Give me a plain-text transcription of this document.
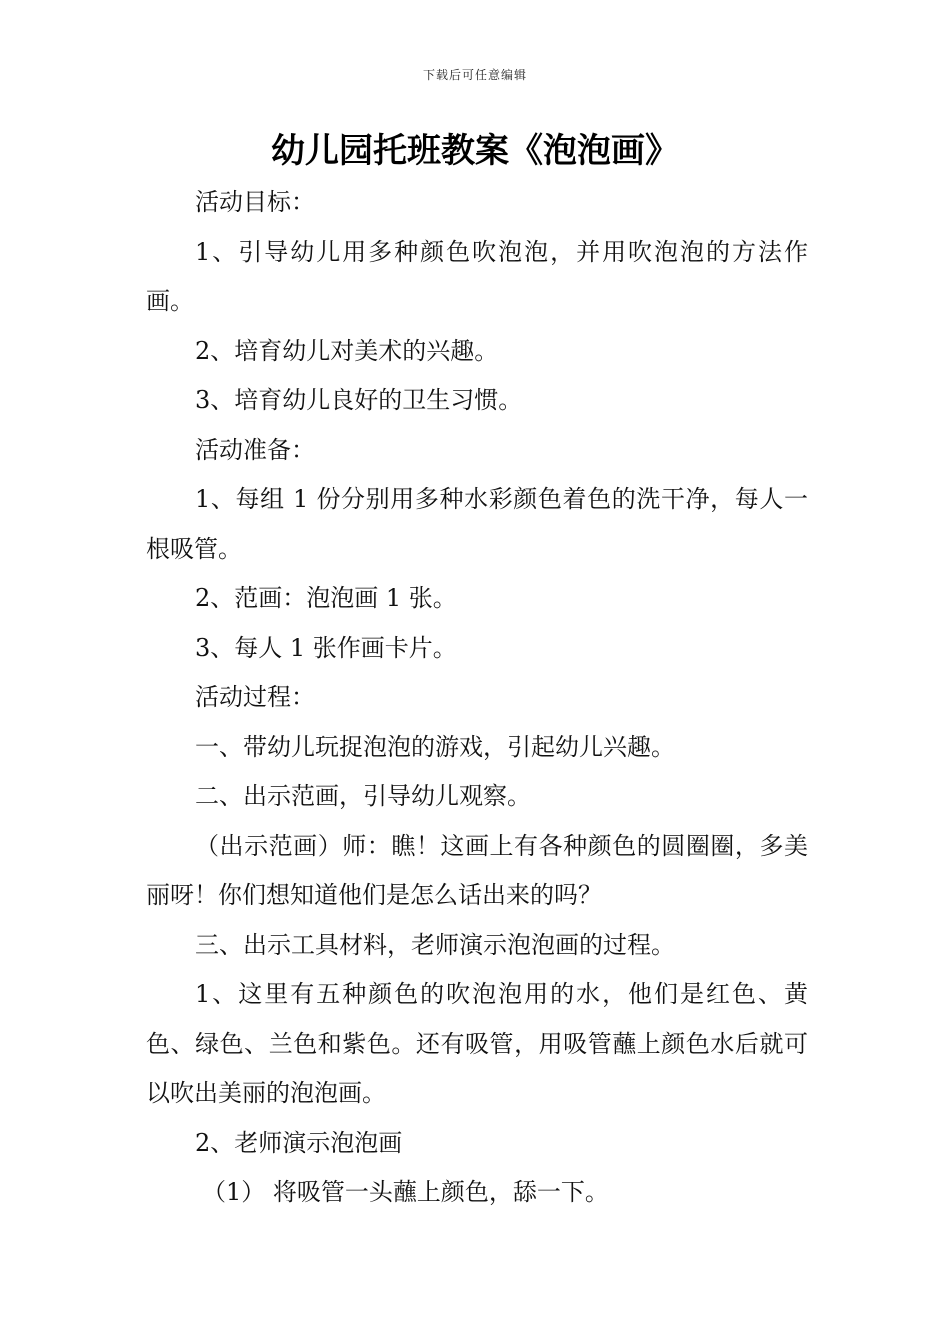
下载后可任意编辑
幼儿园托班教案《泡泡画》

活动目标：

1、引导幼儿用多种颜色吹泡泡，并用吹泡泡的方法作画。

2、培育幼儿对美术的兴趣。

3、培育幼儿良好的卫生习惯。

活动准备：

1、每组 1 份分别用多种水彩颜色着色的洗干净，每人一根吸管。

2、范画：泡泡画 1 张。

3、每人 1 张作画卡片。

活动过程：

一、带幼儿玩捉泡泡的游戏，引起幼儿兴趣。

二、出示范画，引导幼儿观察。

（出示范画）师：瞧！这画上有各种颜色的圆圈圈，多美丽呀！你们想知道他们是怎么话出来的吗？

三、出示工具材料，老师演示泡泡画的过程。

1、这里有五种颜色的吹泡泡用的水，他们是红色、黄色、绿色、兰色和紫色。还有吸管，用吸管蘸上颜色水后就可以吹出美丽的泡泡画。

2、老师演示泡泡画

（1） 将吸管一头蘸上颜色，舔一下。
